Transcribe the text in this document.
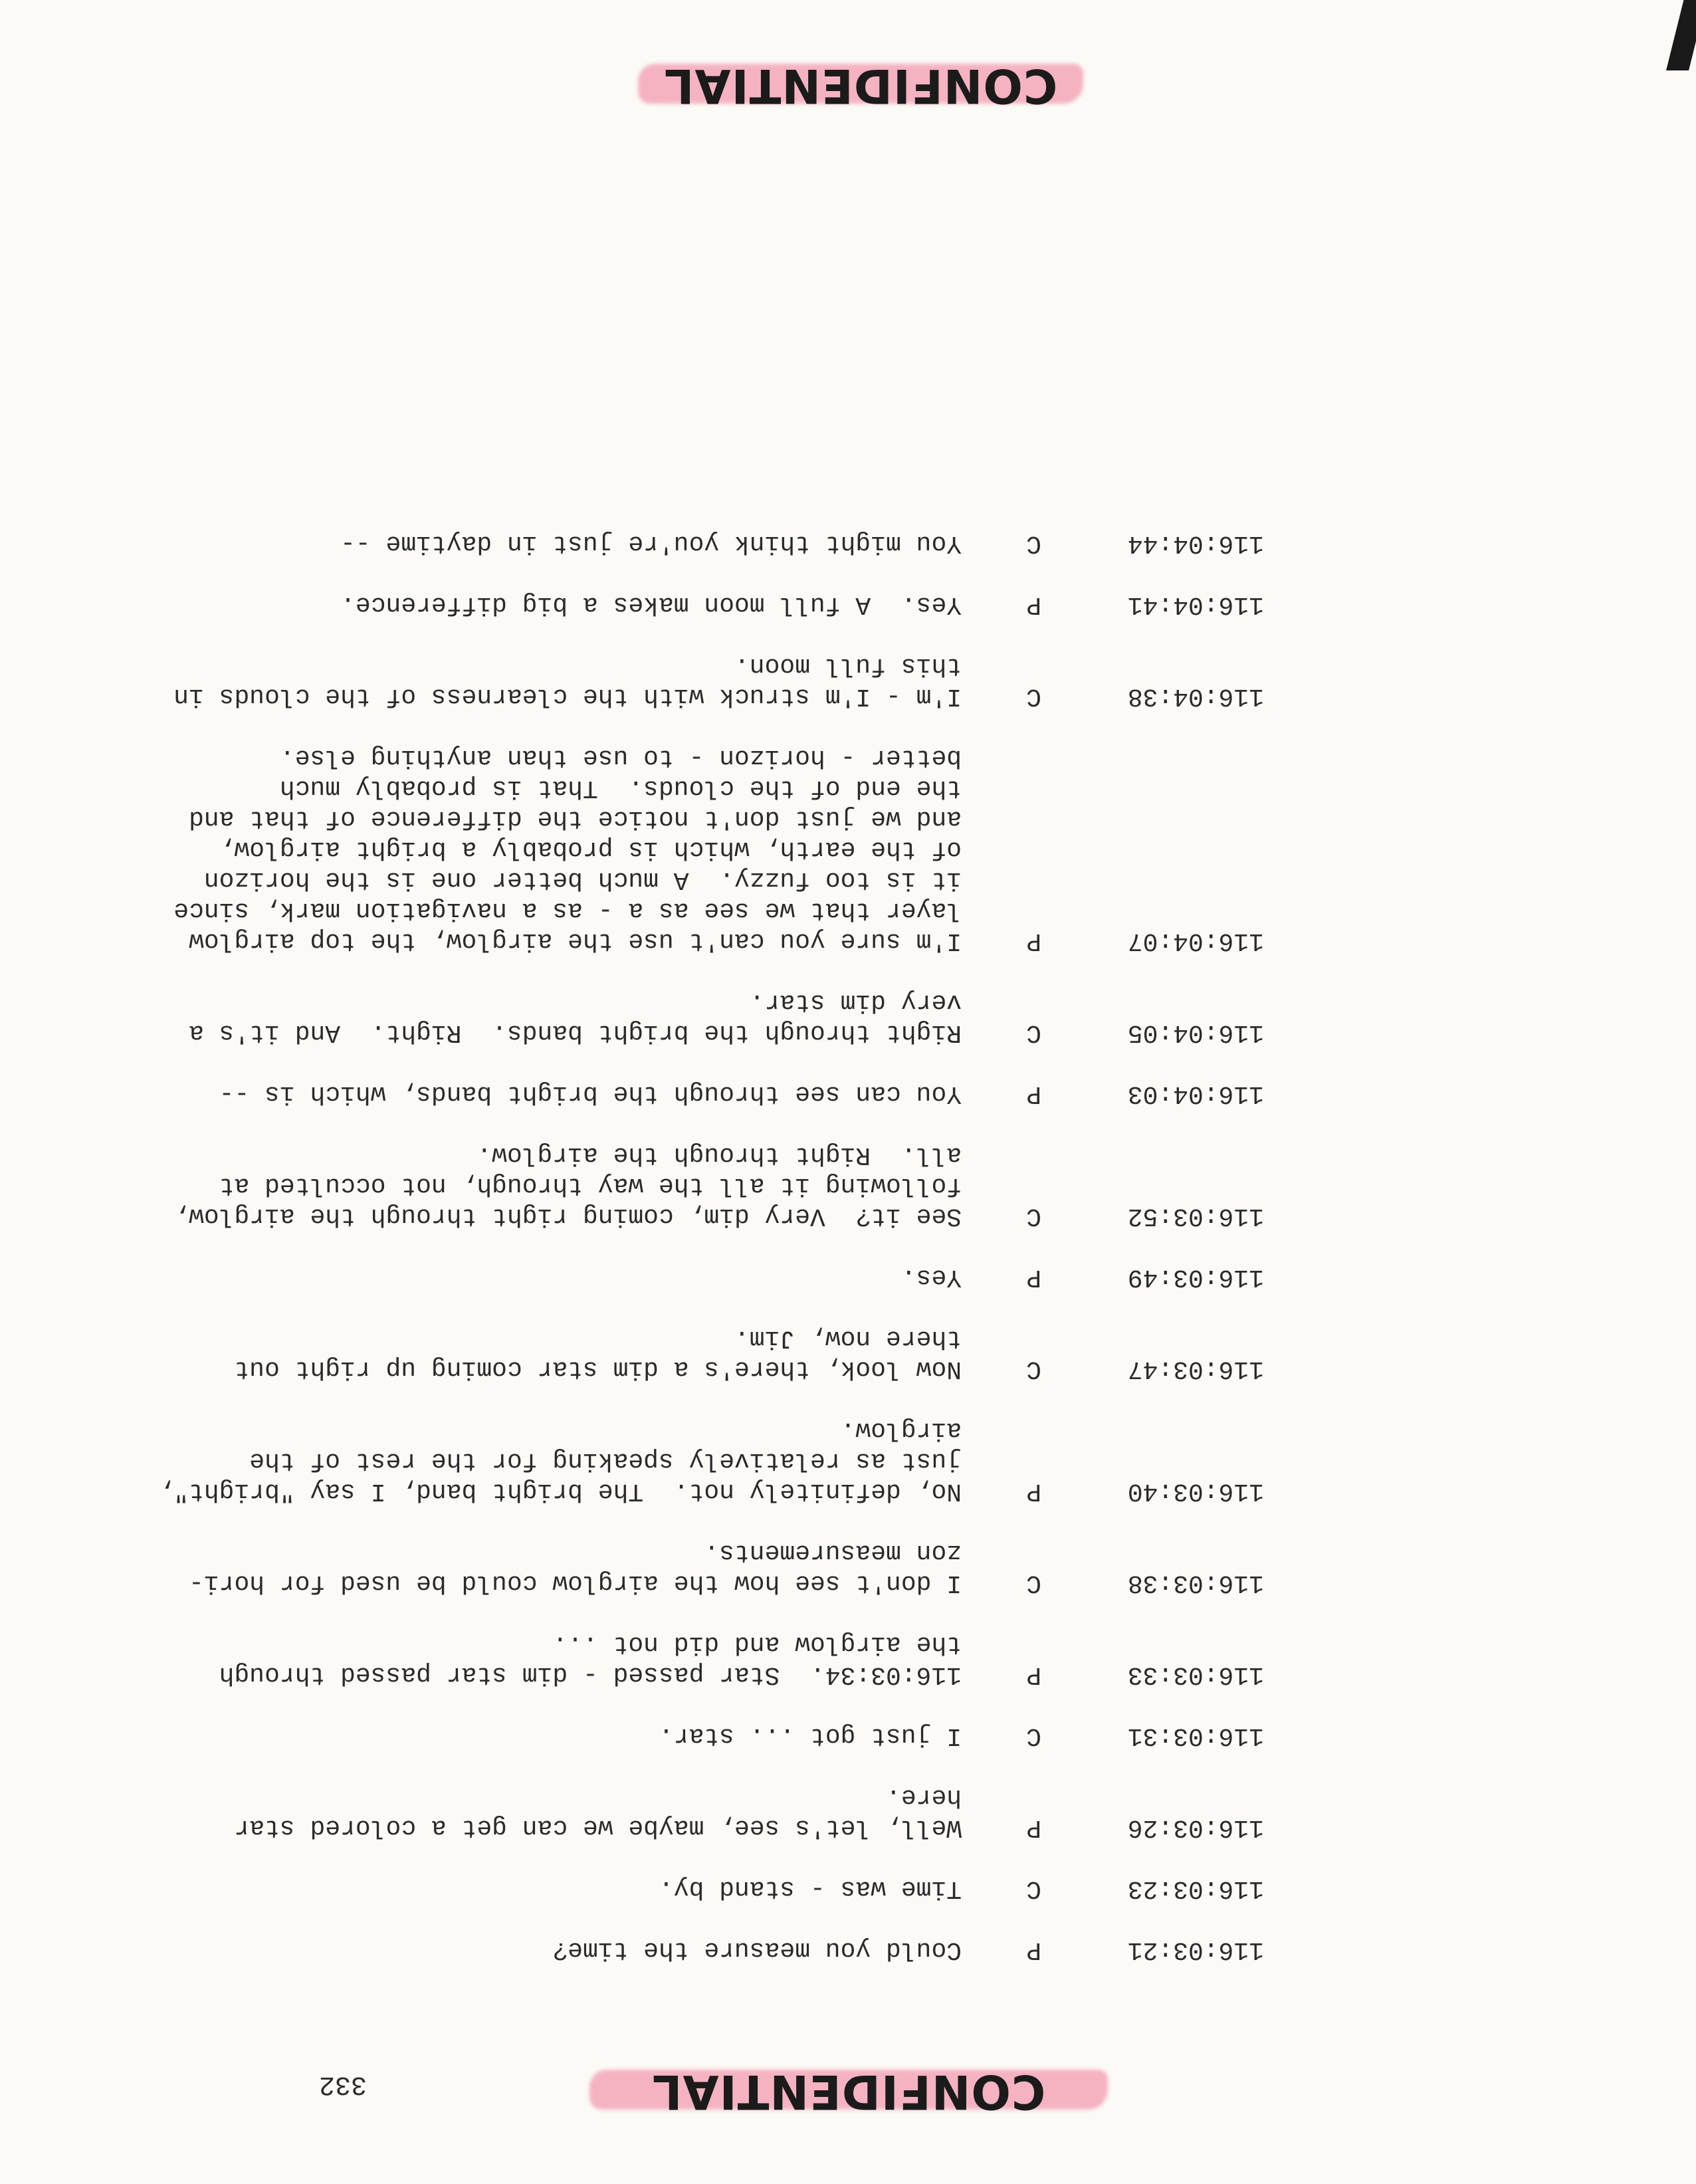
332	CONFIDENTIAL
116:03:21
P
Could you measure the time?
116:03:23
C
Time was - stand by.
116:03:26
P
Well, let's see, maybe we can get a colored star
here.
116:03:31
C
I just got ... star.
116:03:33
P
116:03:34.  Star passed - dim star passed through
the airglow and did not ...
116:03:38
C
I don't see how the airglow could be used for hori-
zon measurements.
116:03:40
P
No, definitely not.  The bright band, I say "bright",
just as relatively speaking for the rest of the
airglow.
116:03:47
C
Now look, there's a dim star coming up right out
there now, Jim.
116:03:49
P
Yes.
116:03:52
C
See it?  Very dim, coming right through the airglow,
following it all the way through, not occulted at
all.  Right through the airglow.
116:04:03
P
You can see through the bright bands, which is --
116:04:05
C
Right through the bright bands.  Right.  And it's a
very dim star.
116:04:07
P
I'm sure you can't use the airglow, the top airglow
layer that we see as a - as a navigation mark, since
it is too fuzzy.  A much better one is the horizon
of the earth, which is probably a bright airglow,
and we just don't notice the difference of that and
the end of the clouds.  That is probably much
better - horizon - to use than anything else.
116:04:38
C
I'm - I'm struck with the clearness of the clouds in
this full moon.
116:04:41
P
Yes.  A full moon makes a big difference.
116:04:44
C
You might think you're just in daytime --
CONFIDENTIAL
